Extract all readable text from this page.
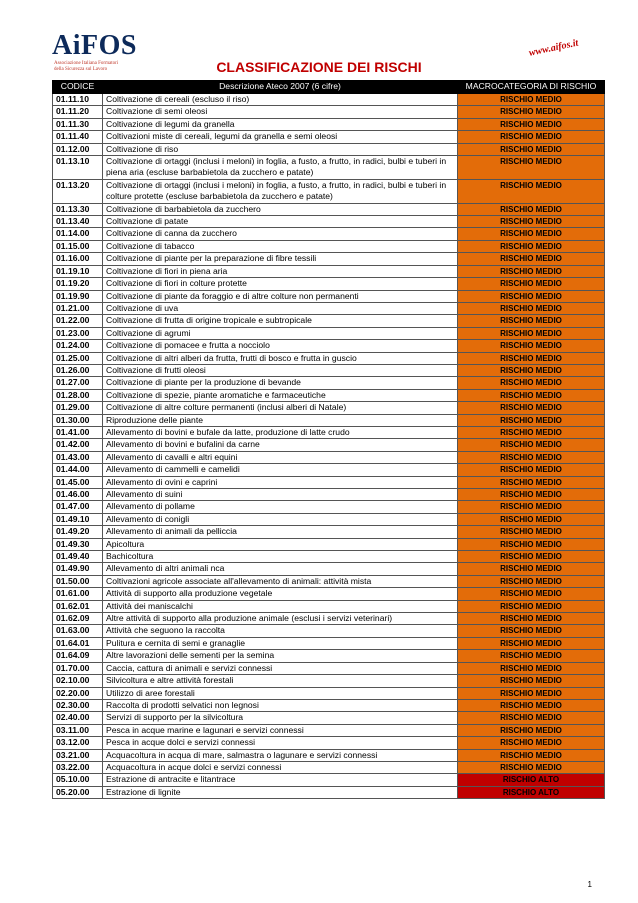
AiFOS
Associazione Italiana Formatori
della Sicurezza sul Lavoro	CLASSIFICAZIONE DEI RISCHI
www.aifos.it
CODICE	Descrizione Ateco 2007 (6 cifre)	MACROCATEGORIA DI RISCHIO
01.11.10	Coltivazione di cereali (escluso il riso)	RISCHIO MEDIO
01.11.20	Coltivazione di semi oleosi	RISCHIO MEDIO
01.11.30	Coltivazione di legumi da granella	RISCHIO MEDIO
01.11.40	Coltivazioni miste di cereali, legumi da granella e semi oleosi	RISCHIO MEDIO
01.12.00	Coltivazione di riso	RISCHIO MEDIO
01.13.10	Coltivazione di ortaggi (inclusi i meloni) in foglia, a fusto, a frutto, in radici, bulbi e tuberi in piena aria (escluse barbabietola da zucchero e patate)	RISCHIO MEDIO
01.13.20	Coltivazione di ortaggi (inclusi i meloni) in foglia, a fusto, a frutto, in radici, bulbi e tuberi in colture protette (escluse barbabietola da zucchero e patate)	RISCHIO MEDIO
01.13.30	Coltivazione di barbabietola da zucchero	RISCHIO MEDIO
01.13.40	Coltivazione di patate	RISCHIO MEDIO
01.14.00	Coltivazione di canna da zucchero	RISCHIO MEDIO
01.15.00	Coltivazione di tabacco	RISCHIO MEDIO
01.16.00	Coltivazione di piante per la preparazione di fibre tessili	RISCHIO MEDIO
01.19.10	Coltivazione di fiori in piena aria	RISCHIO MEDIO
01.19.20	Coltivazione di fiori in colture protette	RISCHIO MEDIO
01.19.90	Coltivazione di piante da foraggio e di altre colture non permanenti	RISCHIO MEDIO
01.21.00	Coltivazione di uva	RISCHIO MEDIO
01.22.00	Coltivazione di frutta di origine tropicale e subtropicale	RISCHIO MEDIO
01.23.00	Coltivazione di agrumi	RISCHIO MEDIO
01.24.00	Coltivazione di pomacee e frutta a nocciolo	RISCHIO MEDIO
01.25.00	Coltivazione di altri alberi da frutta, frutti di bosco e frutta in guscio	RISCHIO MEDIO
01.26.00	Coltivazione di frutti oleosi	RISCHIO MEDIO
01.27.00	Coltivazione di piante per la produzione di bevande	RISCHIO MEDIO
01.28.00	Coltivazione di spezie, piante aromatiche e farmaceutiche	RISCHIO MEDIO
01.29.00	Coltivazione di altre colture permanenti (inclusi alberi di Natale)	RISCHIO MEDIO
01.30.00	Riproduzione delle piante	RISCHIO MEDIO
01.41.00	Allevamento di bovini e bufale da latte, produzione di latte crudo	RISCHIO MEDIO
01.42.00	Allevamento di bovini e bufalini da carne	RISCHIO MEDIO
01.43.00	Allevamento di cavalli e altri equini	RISCHIO MEDIO
01.44.00	Allevamento di cammelli e camelidi	RISCHIO MEDIO
01.45.00	Allevamento di ovini e caprini	RISCHIO MEDIO
01.46.00	Allevamento di suini	RISCHIO MEDIO
01.47.00	Allevamento di pollame	RISCHIO MEDIO
01.49.10	Allevamento di conigli	RISCHIO MEDIO
01.49.20	Allevamento di animali da pelliccia	RISCHIO MEDIO
01.49.30	Apicoltura	RISCHIO MEDIO
01.49.40	Bachicoltura	RISCHIO MEDIO
01.49.90	Allevamento di altri animali nca	RISCHIO MEDIO
01.50.00	Coltivazioni agricole associate all'allevamento di animali: attività mista	RISCHIO MEDIO
01.61.00	Attività di supporto alla produzione vegetale	RISCHIO MEDIO
01.62.01	Attività dei maniscalchi	RISCHIO MEDIO
01.62.09	Altre attività di supporto alla produzione animale (esclusi i servizi veterinari)	RISCHIO MEDIO
01.63.00	Attività che seguono la raccolta	RISCHIO MEDIO
01.64.01	Pulitura e cernita di semi e granaglie	RISCHIO MEDIO
01.64.09	Altre lavorazioni delle sementi per la semina	RISCHIO MEDIO
01.70.00	Caccia, cattura di animali e servizi connessi	RISCHIO MEDIO
02.10.00	Silvicoltura e altre attività forestali	RISCHIO MEDIO
02.20.00	Utilizzo di aree forestali	RISCHIO MEDIO
02.30.00	Raccolta di prodotti selvatici non legnosi	RISCHIO MEDIO
02.40.00	Servizi di supporto per la silvicoltura	RISCHIO MEDIO
03.11.00	Pesca in acque marine e lagunari e servizi connessi	RISCHIO MEDIO
03.12.00	Pesca in acque dolci e servizi connessi	RISCHIO MEDIO
03.21.00	Acquacoltura in acqua di mare, salmastra o lagunare e servizi connessi	RISCHIO MEDIO
03.22.00	Acquacoltura in acque dolci e servizi connessi	RISCHIO MEDIO
05.10.00	Estrazione di antracite e litantrace	RISCHIO ALTO
05.20.00	Estrazione di lignite	RISCHIO ALTO
1
